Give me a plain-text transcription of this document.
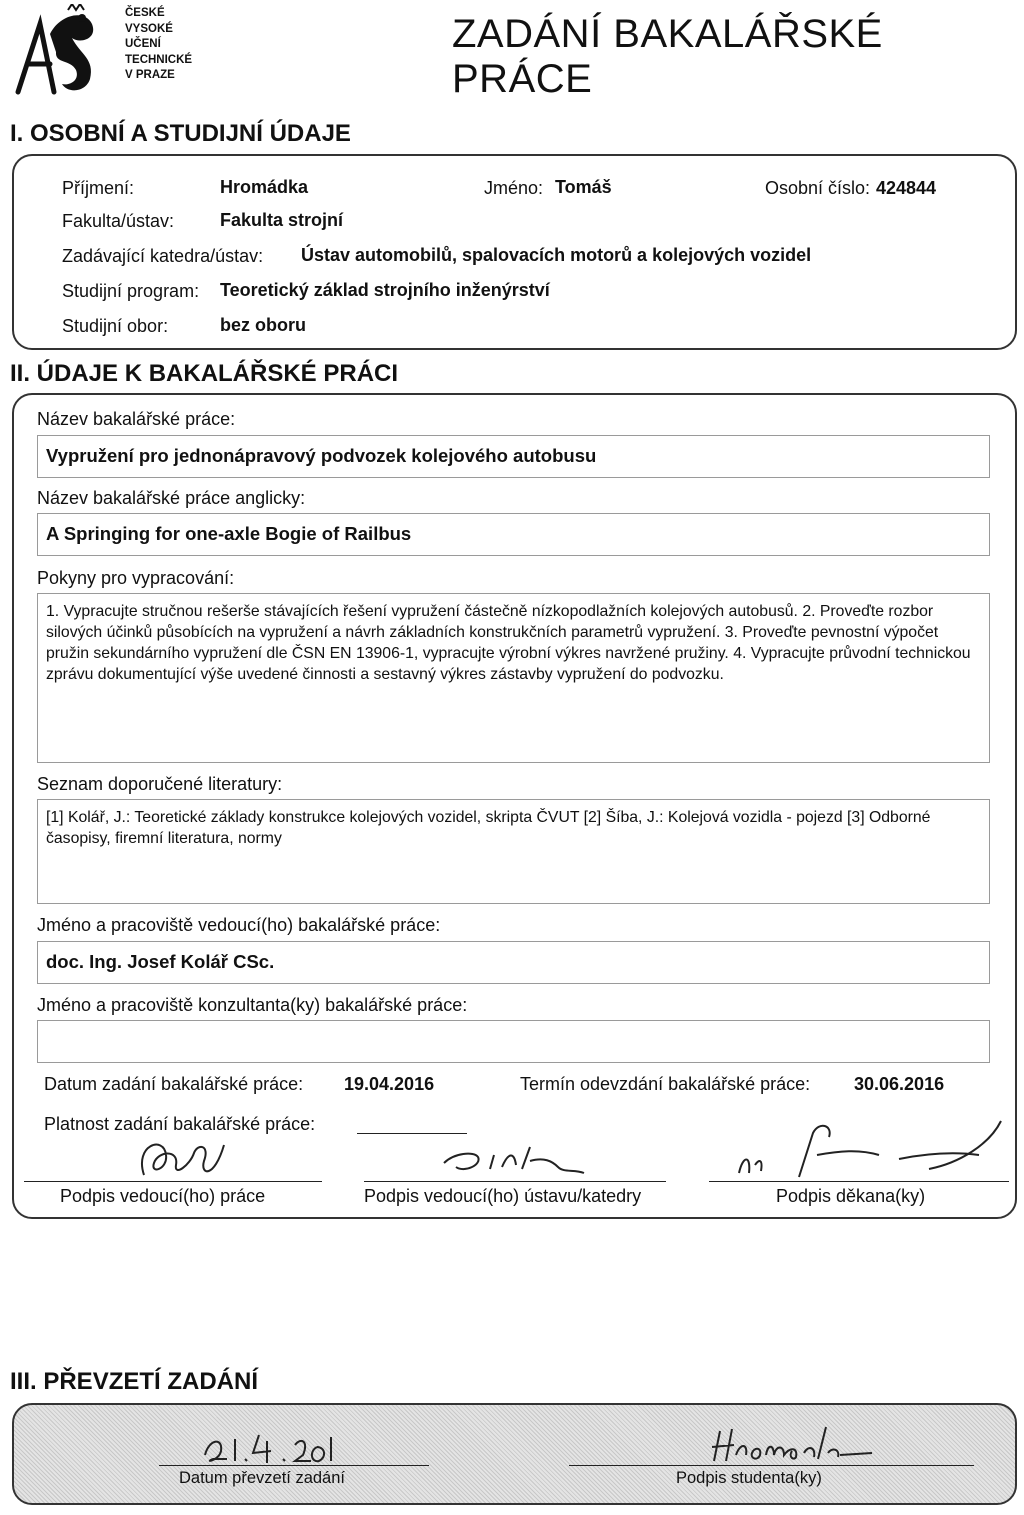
ČESKÉ
VYSOKÉ
UČENÍ
TECHNICKÉ
V PRAZE
ZADÁNÍ BAKALÁŘSKÉ PRÁCE
I. OSOBNÍ A STUDIJNÍ ÚDAJE
Příjmení:	Hromádka	Jméno: Tomáš	Osobní číslo: 424844
Fakulta/ústav:	Fakulta strojní
Zadávající katedra/ústav: Ústav automobilů, spalovacích motorů a kolejových vozidel
Studijní program: Teoretický základ strojního inženýrství
Studijní obor:	bez oboru
II. ÚDAJE K BAKALÁŘSKÉ PRÁCI
Název bakalářské práce:
Vypružení pro jednonápravový podvozek kolejového autobusu
Název bakalářské práce anglicky:
A Springing for one-axle Bogie of Railbus
Pokyny pro vypracování:
1. Vypracujte stručnou rešerše stávajících řešení vypružení částečně nízkopodlažních kolejových autobusů. 2. Proveďte rozbor silových účinků působících na vypružení a návrh základních konstrukčních parametrů vypružení. 3. Proveďte pevnostní výpočet pružin sekundárního vypružení dle ČSN EN 13906-1, vypracujte výrobní výkres navržené pružiny. 4. Vypracujte průvodní technickou zprávu dokumentující výše uvedené činnosti a sestavný výkres zástavby vypružení do podvozku.
Seznam doporučené literatury:
[1] Kolář, J.: Teoretické základy konstrukce kolejových vozidel, skripta ČVUT [2] Šíba, J.: Kolejová vozidla - pojezd [3] Odborné časopisy, firemní literatura, normy
Jméno a pracoviště vedoucí(ho) bakalářské práce:
doc. Ing. Josef Kolář CSc.
Jméno a pracoviště konzultanta(ky) bakalářské práce:
Datum zadání bakalářské práce: 19.04.2016	Termín odevzdání bakalářské práce: 30.06.2016
Platnost zadání bakalářské práce:
Podpis vedoucí(ho) práce	Podpis vedoucí(ho) ústavu/katedry	Podpis děkana(ky)
III. PŘEVZETÍ ZADÁNÍ
Datum převzetí zadání	Podpis studenta(ky)
